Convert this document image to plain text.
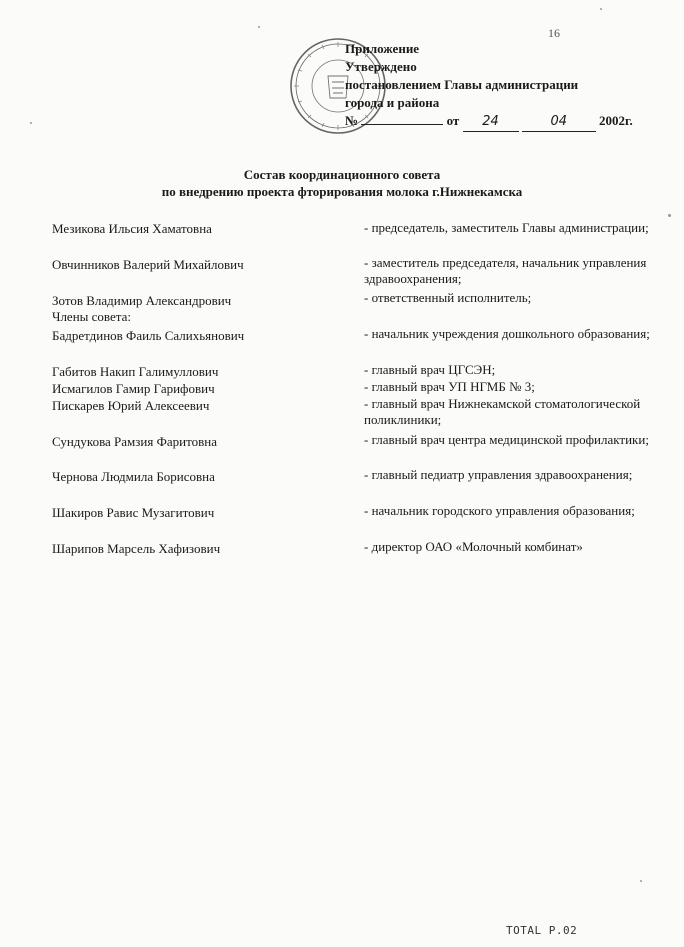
16
Приложение
Утверждено
постановлением Главы администрации
города и района
№	от 24	04 2002г.
Состав координационного совета
по внедрению проекта фторирования молока г.Нижнекамска
Мезикова Ильсия Хаматовна	- председатель, заместитель Главы администрации;
Овчинников Валерий Михайлович	- заместитель председателя, начальник управления здравоохранения;
Зотов Владимир Александрович	- ответственный исполнитель;
Члены совета:
Бадретдинов Фаиль Салихьянович	- начальник учреждения дошкольного образования;
Габитов Накип Галимуллович	- главный врач ЦГСЭН;
Исмагилов Гамир Гарифович	- главный врач УП НГМБ № 3;
Пискарев Юрий Алексеевич	- главный врач Нижнекамской стоматологической поликлиники;
Сундукова Рамзия Фаритовна	- главный врач центра медицинской профилактики;
Чернова Людмила Борисовна	- главный педиатр управления здравоохранения;
Шакиров Равис Музагитович	- начальник городского управления образования;
Шарипов Марсель Хафизович	- директор ОАО «Молочный комбинат»
TOTAL P.02
